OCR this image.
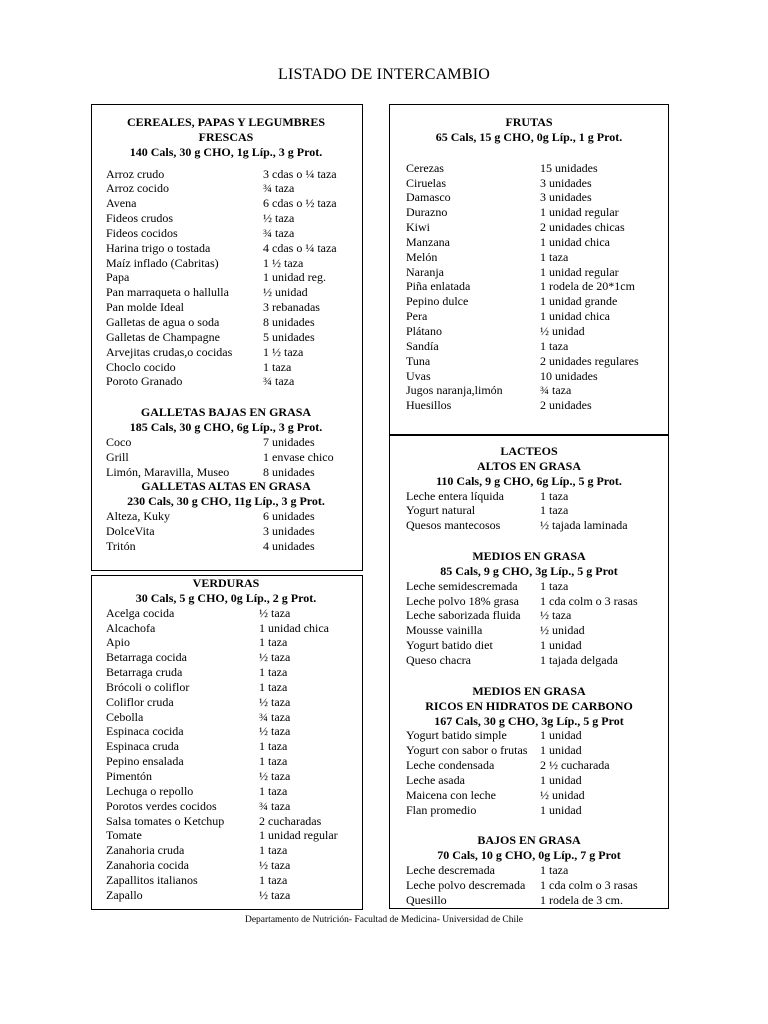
LISTADO DE INTERCAMBIO
CEREALES, PAPAS Y LEGUMBRES
FRESCAS
140 Cals, 30 g CHO, 1g Líp., 3 g Prot.
Arroz crudo	3 cdas o ¼ taza
Arroz cocido	¾ taza
Avena	6 cdas o ½ taza
Fideos crudos	½ taza
Fideos cocidos	¾ taza
Harina trigo o tostada	4 cdas o ¼ taza
Maíz inflado (Cabritas)	1 ½ taza
Papa	1 unidad reg.
Pan marraqueta o hallulla	½ unidad
Pan molde Ideal	3 rebanadas
Galletas de agua o soda	8 unidades
Galletas de Champagne	5 unidades
Arvejitas crudas,o cocidas	1 ½ taza
Choclo cocido	1 taza
Poroto Granado	¾ taza
GALLETAS BAJAS EN GRASA
185 Cals, 30 g CHO, 6g Líp., 3 g Prot.
Coco	7 unidades
Grill	1 envase chico
Limón, Maravilla, Museo	8 unidades
GALLETAS ALTAS EN GRASA
230 Cals, 30 g CHO, 11g Líp., 3 g Prot.
Alteza, Kuky	6 unidades
DolceVita	3 unidades
Tritón	4 unidades
VERDURAS
30 Cals, 5 g CHO, 0g Líp., 2 g Prot.
Acelga cocida	½ taza
Alcachofa	1 unidad chica
Apio	1 taza
Betarraga cocida	½ taza
Betarraga cruda	1 taza
Brócoli o coliflor	1 taza
Coliflor cruda	½ taza
Cebolla	¾ taza
Espinaca cocida	½ taza
Espinaca cruda	1 taza
Pepino ensalada	1 taza
Pimentón	½ taza
Lechuga o repollo	1 taza
Porotos verdes cocidos	¾ taza
Salsa tomates o Ketchup	2 cucharadas
Tomate	1 unidad regular
Zanahoria cruda	1 taza
Zanahoria cocida	½ taza
Zapallitos italianos	1 taza
Zapallo	½ taza
FRUTAS
65 Cals, 15 g CHO, 0g Líp., 1 g Prot.
Cerezas	15 unidades
Ciruelas	3 unidades
Damasco	3 unidades
Durazno	1 unidad regular
Kiwi	2 unidades chicas
Manzana	1 unidad chica
Melón	1 taza
Naranja	1 unidad regular
Piña enlatada	1 rodela de 20*1cm
Pepino dulce	1 unidad grande
Pera	1 unidad chica
Plátano	½ unidad
Sandía	1 taza
Tuna	2 unidades regulares
Uvas	10 unidades
Jugos naranja,limón	¾ taza
Huesillos	2 unidades
LACTEOS
ALTOS EN GRASA
110 Cals, 9 g CHO, 6g Líp., 5 g Prot.
Leche entera líquida	1 taza
Yogurt natural	1 taza
Quesos mantecosos	½ tajada laminada
MEDIOS EN GRASA
85 Cals, 9 g CHO, 3g Líp., 5 g Prot
Leche semidescremada 1 taza
Leche polvo 18% grasa 1 cda colm o 3 rasas
Leche saborizada fluida ½ taza
Mousse vainilla	½ unidad
Yogurt batido diet	1 unidad
Queso chacra	1 tajada delgada
MEDIOS EN GRASA
RICOS EN HIDRATOS DE CARBONO
167 Cals, 30 g CHO, 3g Líp., 5 g Prot
Yogurt batido simple	1 unidad
Yogurt con sabor o frutas 1 unidad
Leche condensada	2 ½ cucharada
Leche asada	1 unidad
Maicena con leche	½ unidad
Flan promedio	1 unidad
BAJOS EN GRASA
70 Cals, 10 g CHO, 0g Líp., 7 g Prot
Leche descremada	1 taza
Leche polvo descremada 1 cda colm o 3 rasas
Quesillo	1 rodela de 3 cm.
Departamento de Nutrición- Facultad de Medicina- Universidad de Chile
